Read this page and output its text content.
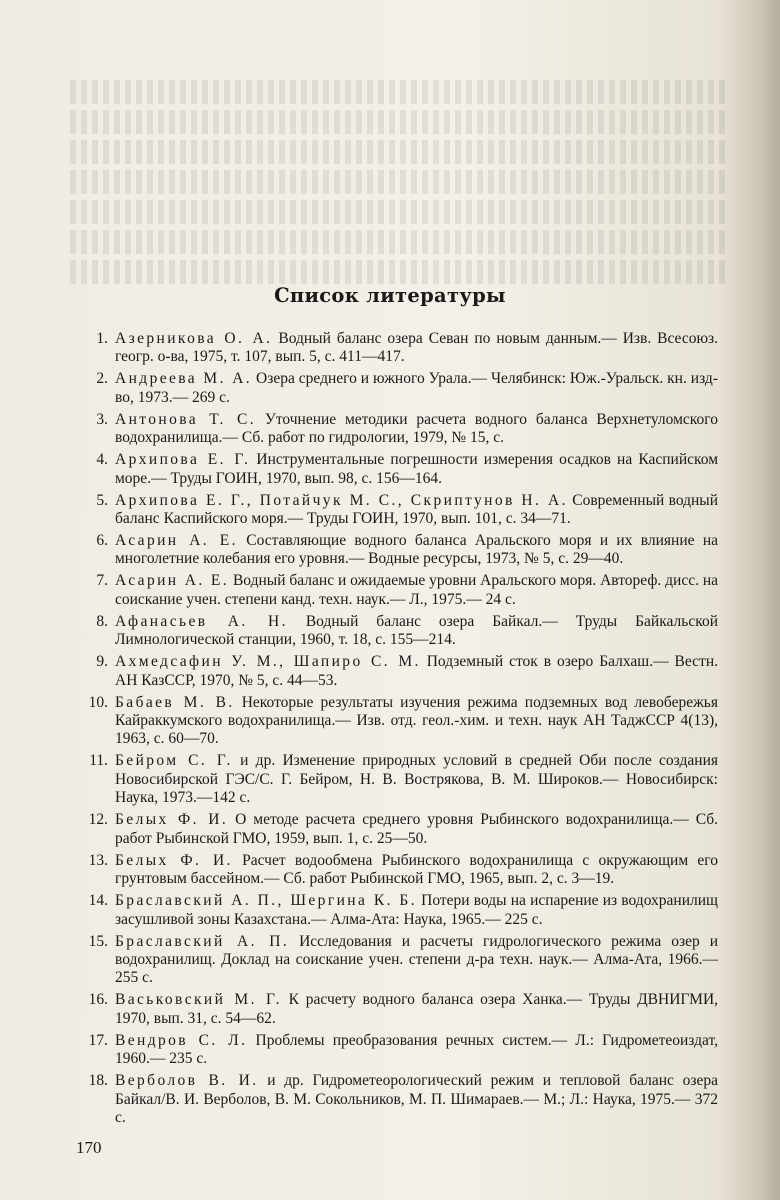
Список литературы
1. Азерникова О. А. Водный баланс озера Севан по новым данным.— Изв. Всесоюз. геогр. о-ва, 1975, т. 107, вып. 5, с. 411—417.
2. Андреева М. А. Озера среднего и южного Урала.— Челябинск: Юж.-Уральск. кн. изд-во, 1973.— 269 с.
3. Антонова Т. С. Уточнение методики расчета водного баланса Верхнетуломского водохранилища.— Сб. работ по гидрологии, 1979, № 15, с.
4. Архипова Е. Г. Инструментальные погрешности измерения осадков на Каспийском море.— Труды ГОИН, 1970, вып. 98, с. 156—164.
5. Архипова Е. Г., Потайчук М. С., Скриптунов Н. А. Современный водный баланс Каспийского моря.— Труды ГОИН, 1970, вып. 101, с. 34—71.
6. Асарин А. Е. Составляющие водного баланса Аральского моря и их влияние на многолетние колебания его уровня.— Водные ресурсы, 1973, № 5, с. 29—40.
7. Асарин А. Е. Водный баланс и ожидаемые уровни Аральского моря. Автореф. дисс. на соискание учен. степени канд. техн. наук.— Л., 1975.— 24 с.
8. Афанасьев А. Н. Водный баланс озера Байкал.— Труды Байкальской Лимнологической станции, 1960, т. 18, с. 155—214.
9. Ахмедсафин У. М., Шапиро С. М. Подземный сток в озеро Балхаш.— Вестн. АН КазССР, 1970, № 5, с. 44—53.
10. Бабаев М. В. Некоторые результаты изучения режима подземных вод левобережья Кайраккумского водохранилища.— Изв. отд. геол.-хим. и техн. наук АН ТаджССР 4(13), 1963, с. 60—70.
11. Бейром С. Г. и др. Изменение природных условий в средней Оби после создания Новосибирской ГЭС/С. Г. Бейром, Н. В. Вострякова, В. М. Широков.— Новосибирск: Наука, 1973.—142 с.
12. Белых Ф. И. О методе расчета среднего уровня Рыбинского водохранилища.— Сб. работ Рыбинской ГМО, 1959, вып. 1, с. 25—50.
13. Белых Ф. И. Расчет водообмена Рыбинского водохранилища с окружающим его грунтовым бассейном.— Сб. работ Рыбинской ГМО, 1965, вып. 2, с. 3—19.
14. Браславский А. П., Шергина К. Б. Потери воды на испарение из водохранилищ засушливой зоны Казахстана.— Алма-Ата: Наука, 1965.— 225 с.
15. Браславский А. П. Исследования и расчеты гидрологического режима озер и водохранилищ. Доклад на соискание учен. степени д-ра техн. наук.— Алма-Ата, 1966.— 255 с.
16. Васьковский М. Г. К расчету водного баланса озера Ханка.— Труды ДВНИГМИ, 1970, вып. 31, с. 54—62.
17. Вендров С. Л. Проблемы преобразования речных систем.— Л.: Гидрометеоиздат, 1960.— 235 с.
18. Верболов В. И. и др. Гидрометеорологический режим и тепловой баланс озера Байкал/В. И. Верболов, В. М. Сокольников, М. П. Шимараев.— М.; Л.: Наука, 1975.— 372 с.
170
